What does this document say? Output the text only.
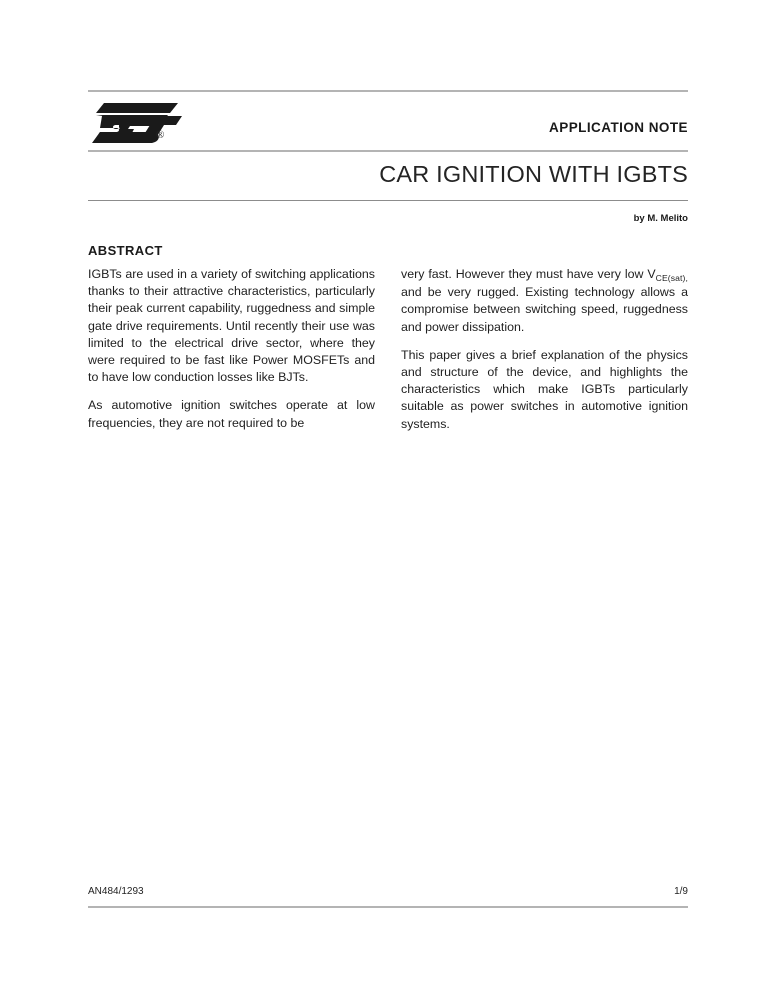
®	APPLICATION NOTE
CAR IGNITION WITH IGBTS
by M. Melito
ABSTRACT

IGBTs are used in a variety of switching applications thanks to their attractive characteristics, particularly their peak current capability, ruggedness and simple gate drive requirements. Until recently their use was limited to the electrical drive sector, where they were required to be fast like Power MOSFETs and to have low conduction losses like BJTs.

As automotive ignition switches operate at low frequencies, they are not required to be

very fast. However they must have very low $V_{CE(sat),}$ and be very rugged. Existing technology allows a compromise between switching speed, ruggedness and power dissipation.

This paper gives a brief explanation of the physics and structure of the device, and highlights the characteristics which make IGBTs particularly suitable as power switches in automotive ignition systems.

AN484/1293	1/9
